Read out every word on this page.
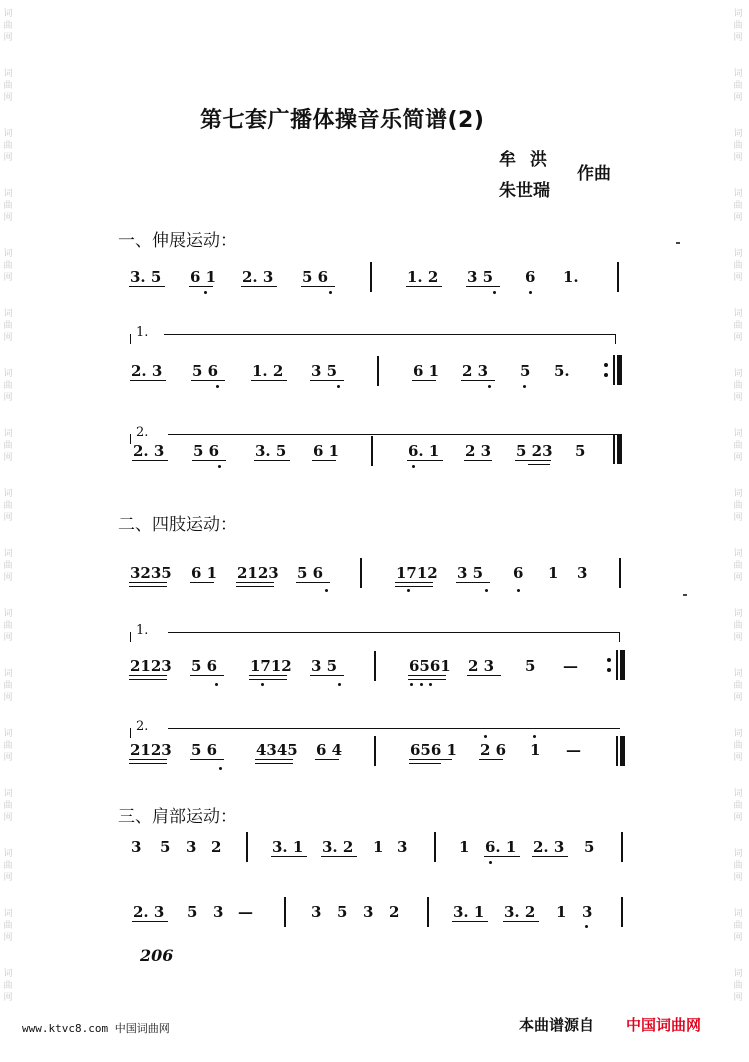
词
曲
网
词
曲
网
词
曲
网
词
曲
网
词
曲
网
词
曲
网
词
曲
网
词
曲
网
词
曲
网
词
曲
网
词
曲
网
词
曲
网
词
曲
网
词
曲
网
词
曲
网
词
曲
网
词
曲
网
词
曲
网
词
曲
网
词
曲
网
词
曲
网
词
曲
网
词
曲
网
词
曲
网
词
曲
网
词
曲
网
词
曲
网
词
曲
网
词
曲
网
词
曲
网
词
曲
网
词
曲
网
词
曲
网
词
曲
网
第七套广播体操音乐简谱(2)
牟洪
朱世瑞
作曲
一、伸展运动：
二、四肢运动：
三、肩部运动：
3. 5 6 1 2. 3 5 6	1. 2 3 5 6 1.
1.
2. 3 5 6 1. 2 3 5	6 1 2 3 5 5.
2.
2. 3 5 6 3. 5 6 1	6. 1 2 3 5 23 5
3235 6 1 2123 5 6	1712 3 5 6 1 3
1.
2123 5 6 1712 3 5	6561 2 3 5 —
2.
2123 5 6	4345 6 4	656 1 2 6 1 —
3 5 3 2	3. 1 3. 2 1 3	1 6. 1 2. 3 5
2. 3 5 3 —	3 5 3 2	3. 1 3. 2 1 3
206
www.ktvc8.com 中国词曲网	本曲谱源自 中国词曲网
